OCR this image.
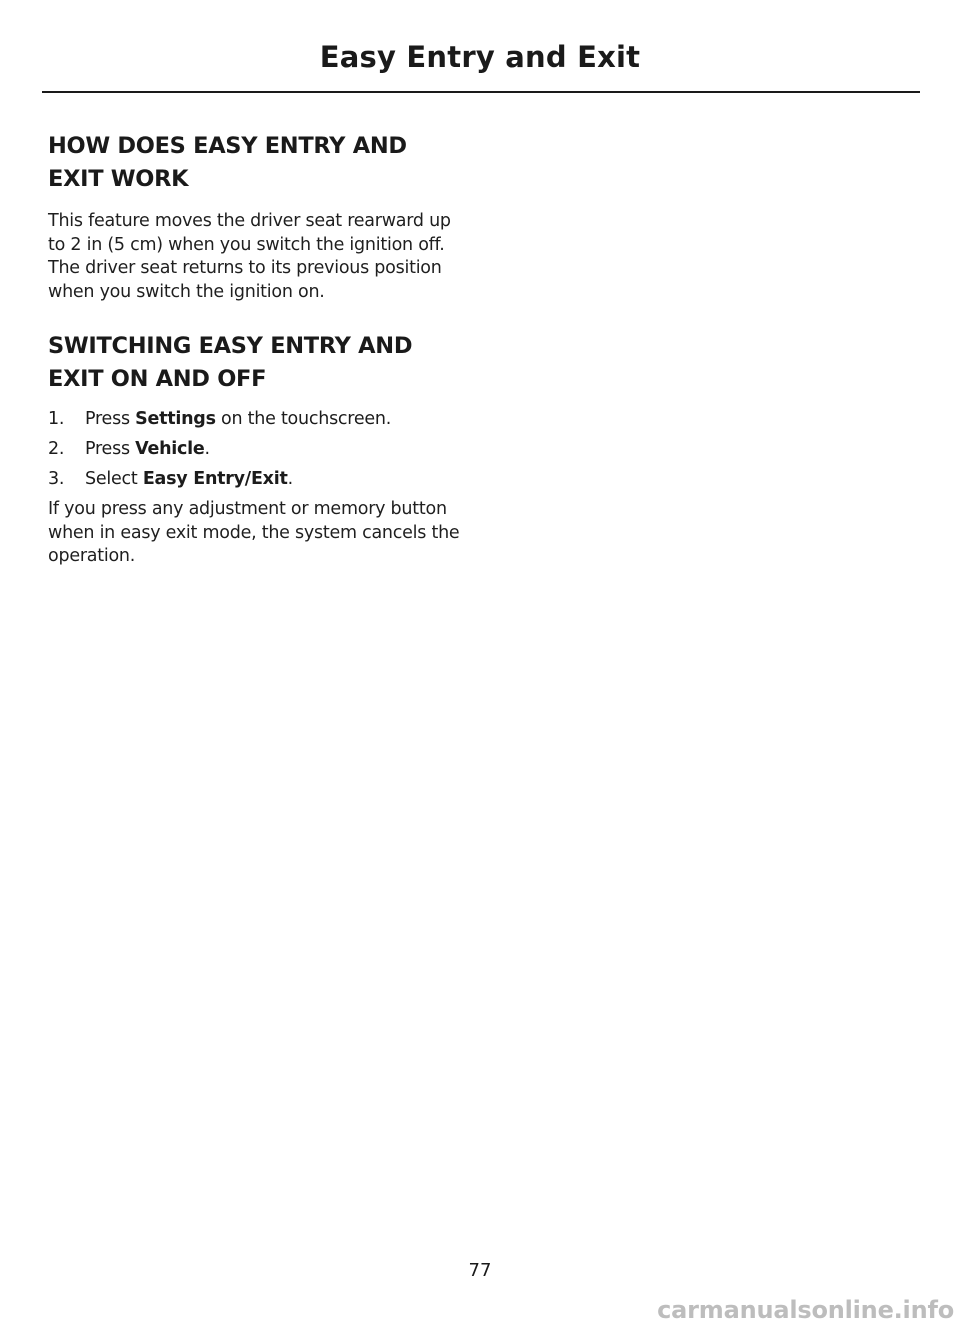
Easy Entry and Exit
HOW DOES EASY ENTRY AND
EXIT WORK

This feature moves the driver seat rearward up to 2 in (5 cm) when you switch the ignition off. The driver seat returns to its previous position when you switch the ignition on.

SWITCHING EASY ENTRY AND
EXIT ON AND OFF
1.	Press Settings on the touchscreen.
2.	Press Vehicle.
3.	Select Easy Entry/Exit.

If you press any adjustment or memory button when in easy exit mode, the system cancels the operation.

77
carmanualsonline.info
